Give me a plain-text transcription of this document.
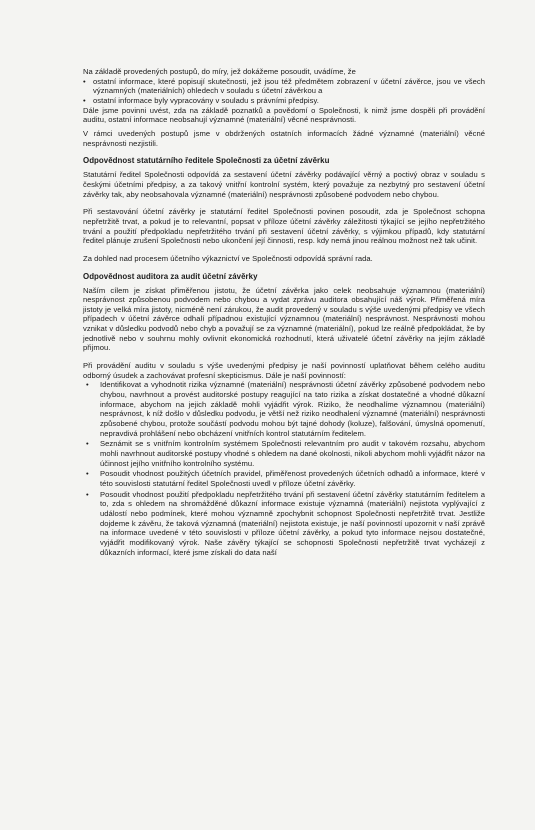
Na základě provedených postupů, do míry, jež dokážeme posoudit, uvádíme, že

• ostatní informace, které popisují skutečnosti, jež jsou též předmětem zobrazení v účetní závěrce, jsou ve všech významných (materiálních) ohledech v souladu s účetní závěrkou a
• ostatní informace byly vypracovány v souladu s právními předpisy.

Dále jsme povinni uvést, zda na základě poznatků a povědomí o Společnosti, k nimž jsme dospěli při provádění auditu, ostatní informace neobsahují významné (materiální) věcné nesprávnosti.

V rámci uvedených postupů jsme v obdržených ostatních informacích žádné významné (materiální) věcné nesprávnosti nezjistili.

Odpovědnost statutárního ředitele Společnosti za účetní závěrku

Statutární ředitel Společnosti odpovídá za sestavení účetní závěrky podávající věrný a poctivý obraz v souladu s českými účetními předpisy, a za takový vnitřní kontrolní systém, který považuje za nezbytný pro sestavení účetní závěrky tak, aby neobsahovala významné (materiální) nesprávnosti způsobené podvodem nebo chybou.

Při sestavování účetní závěrky je statutární ředitel Společnosti povinen posoudit, zda je Společnost schopna nepřetržitě trvat, a pokud je to relevantní, popsat v příloze účetní závěrky záležitosti týkající se jejího nepřetržitého trvání a použití předpokladu nepřetržitého trvání při sestavení účetní závěrky, s výjimkou případů, kdy statutární ředitel plánuje zrušení Společnosti nebo ukončení její činnosti, resp. kdy nemá jinou reálnou možnost než tak učinit.

Za dohled nad procesem účetního výkaznictví ve Společnosti odpovídá správní rada.

Odpovědnost auditora za audit účetní závěrky

Naším cílem je získat přiměřenou jistotu, že účetní závěrka jako celek neobsahuje významnou (materiální) nesprávnost způsobenou podvodem nebo chybou a vydat zprávu auditora obsahující náš výrok. Přiměřená míra jistoty je velká míra jistoty, nicméně není zárukou, že audit provedený v souladu s výše uvedenými předpisy ve všech případech v účetní závěrce odhalí případnou existující významnou (materiální) nesprávnost. Nesprávnosti mohou vznikat v důsledku podvodů nebo chyb a považují se za významné (materiální), pokud lze reálně předpokládat, že by jednotlivě nebo v souhrnu mohly ovlivnit ekonomická rozhodnutí, která uživatelé účetní závěrky na jejím základě přijmou.

Při provádění auditu v souladu s výše uvedenými předpisy je naší povinností uplatňovat během celého auditu odborný úsudek a zachovávat profesní skepticismus. Dále je naší povinností:

• Identifikovat a vyhodnotit rizika významné (materiální) nesprávnosti účetní závěrky způsobené podvodem nebo chybou, navrhnout a provést auditorské postupy reagující na tato rizika a získat dostatečné a vhodné důkazní informace, abychom na jejich základě mohli vyjádřit výrok. Riziko, že neodhalíme významnou (materiální) nesprávnost, k níž došlo v důsledku podvodu, je větší než riziko neodhalení významné (materiální) nesprávnosti způsobené chybou, protože součástí podvodu mohou být tajné dohody (koluze), falšování, úmyslná opomenutí, nepravdivá prohlášení nebo obcházení vnitřních kontrol statutárním ředitelem.
• Seznámit se s vnitřním kontrolním systémem Společnosti relevantním pro audit v takovém rozsahu, abychom mohli navrhnout auditorské postupy vhodné s ohledem na dané okolnosti, nikoli abychom mohli vyjádřit názor na účinnost jejího vnitřního kontrolního systému.
• Posoudit vhodnost použitých účetních pravidel, přiměřenost provedených účetních odhadů a informace, které v této souvislosti statutární ředitel Společnosti uvedl v příloze účetní závěrky.
• Posoudit vhodnost použití předpokladu nepřetržitého trvání při sestavení účetní závěrky statutárním ředitelem a to, zda s ohledem na shromážděné důkazní informace existuje významná (materiální) nejistota vyplývající z událostí nebo podmínek, které mohou významně zpochybnit schopnost Společnosti nepřetržitě trvat. Jestliže dojdeme k závěru, že taková významná (materiální) nejistota existuje, je naší povinností upozornit v naší zprávě na informace uvedené v této souvislosti v příloze účetní závěrky, a pokud tyto informace nejsou dostatečné, vyjádřit modifikovaný výrok. Naše závěry týkající se schopnosti Společnosti nepřetržitě trvat vycházejí z důkazních informací, které jsme získali do data naší
